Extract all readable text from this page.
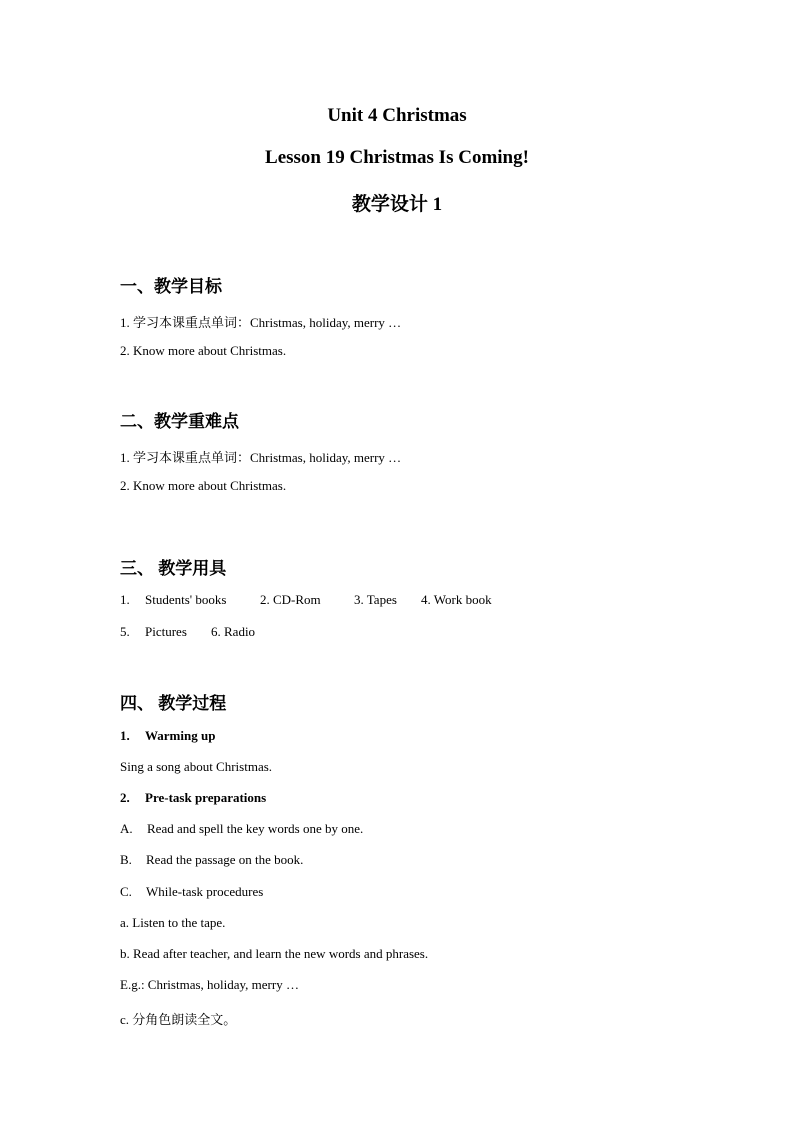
Unit 4 Christmas
Lesson 19 Christmas Is Coming!
教学设计 1
一、教学目标
1. 学习本课重点单词：Christmas, holiday, merry …
2. Know more about Christmas.
二、教学重难点
1. 学习本课重点单词：Christmas, holiday, merry …
2. Know more about Christmas.
三、 教学用具
1. Students' books	2. CD-Rom	3. Tapes 4. Work book
5. Pictures 6. Radio
四、 教学过程
1. Warming up
Sing a song about Christmas.
2. Pre-task preparations
A. Read and spell the key words one by one.
B. Read the passage on the book.
C. While-task procedures
a. Listen to the tape.
b. Read after teacher, and learn the new words and phrases.
E.g.: Christmas, holiday, merry …
c. 分角色朗读全文。
